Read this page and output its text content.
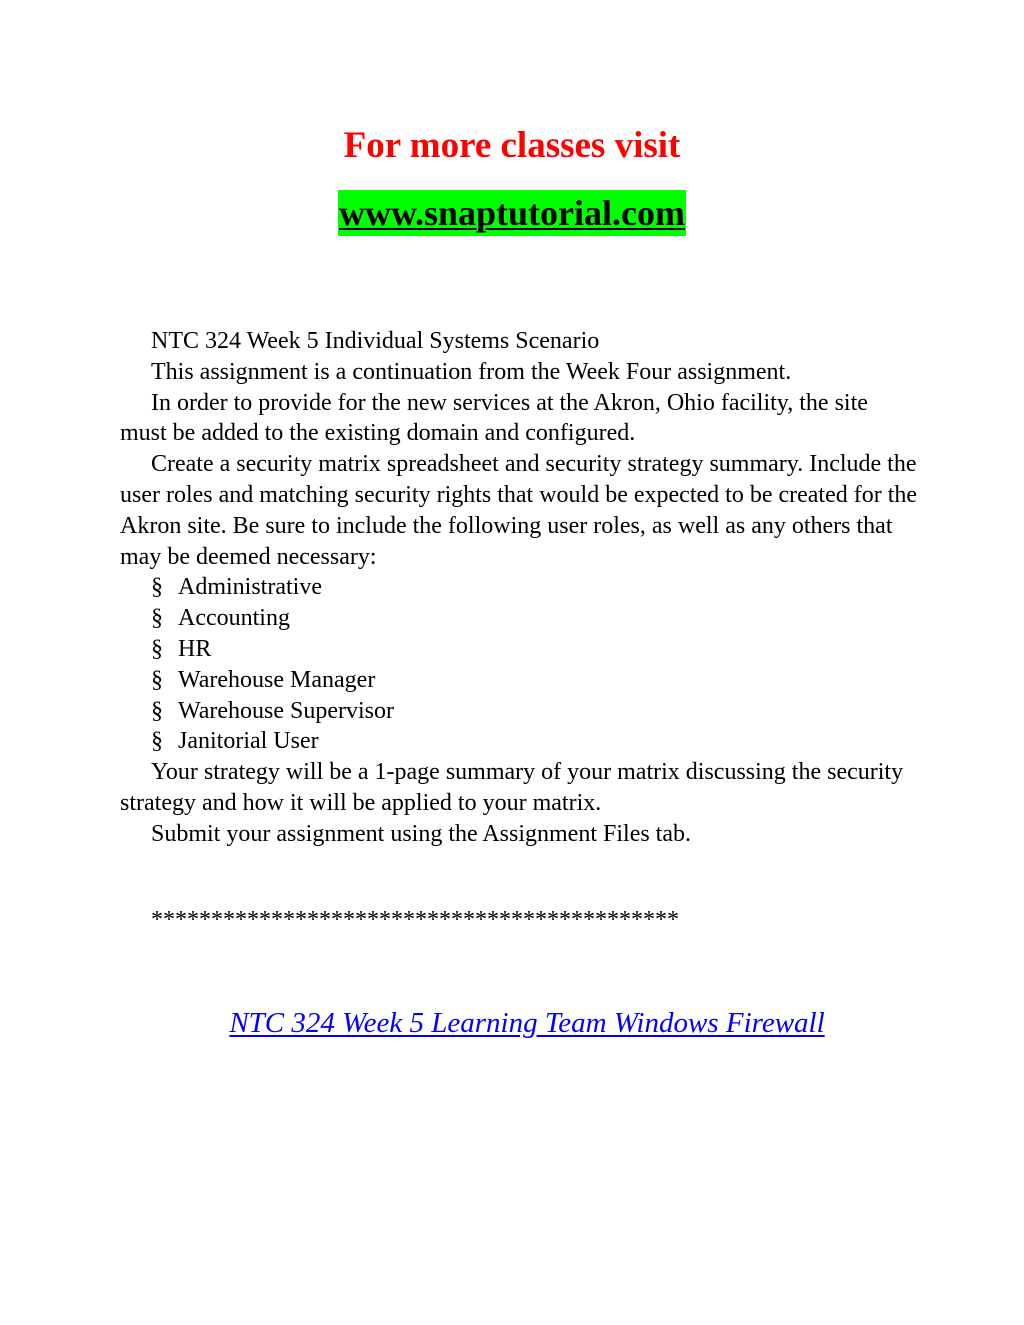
For more classes visit
www.snaptutorial.com

NTC 324 Week 5 Individual Systems Scenario

This assignment is a continuation from the Week Four assignment.

In order to provide for the new services at the Akron, Ohio facility, the site must be added to the existing domain and configured.

Create a security matrix spreadsheet and security strategy summary. Include the user roles and matching security rights that would be expected to be created for the Akron site. Be sure to include the following user roles, as well as any others that may be deemed necessary:

§ Administrative
§ Accounting
§ HR
§ Warehouse Manager
§ Warehouse Supervisor
§ Janitorial User

Your strategy will be a 1-page summary of your matrix discussing the security strategy and how it will be applied to your matrix.

Submit your assignment using the Assignment Files tab.

********************************************
NTC 324 Week 5 Learning Team Windows Firewall
